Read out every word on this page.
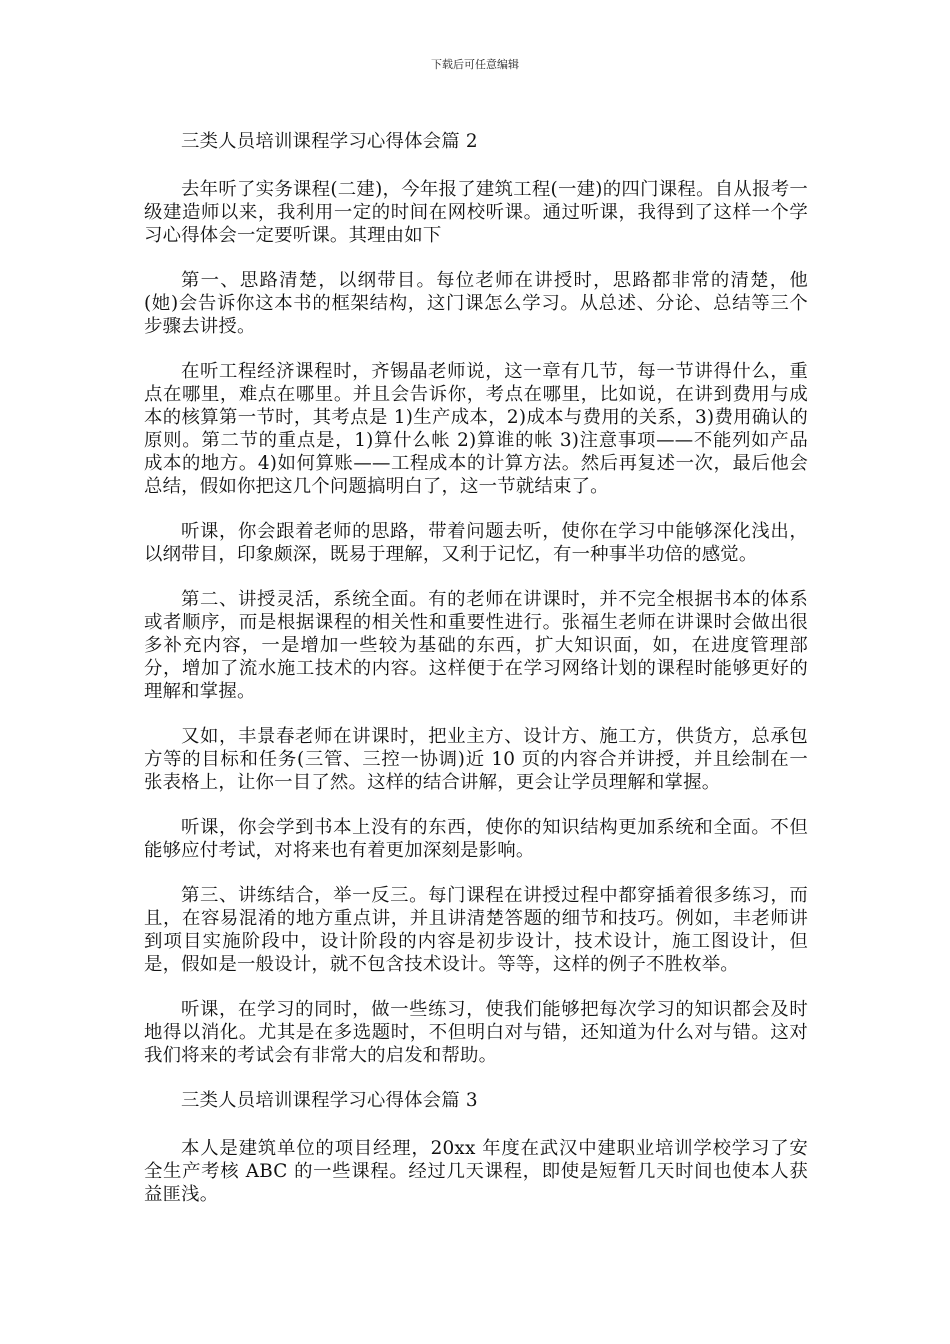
下载后可任意编辑

三类人员培训课程学习心得体会篇 2

去年听了实务课程(二建)，今年报了建筑工程(一建)的四门课程。自从报考一级建造师以来，我利用一定的时间在网校听课。通过听课，我得到了这样一个学习心得体会一定要听课。其理由如下

第一、思路清楚，以纲带目。每位老师在讲授时，思路都非常的清楚，他(她)会告诉你这本书的框架结构，这门课怎么学习。从总述、分论、总结等三个步骤去讲授。

在听工程经济课程时，齐锡晶老师说，这一章有几节，每一节讲得什么，重点在哪里，难点在哪里。并且会告诉你，考点在哪里，比如说，在讲到费用与成本的核算第一节时，其考点是 1)生产成本，2)成本与费用的关系，3)费用确认的原则。第二节的重点是，1)算什么帐 2)算谁的帐 3)注意事项——不能列如产品成本的地方。4)如何算账——工程成本的计算方法。然后再复述一次，最后他会总结，假如你把这几个问题搞明白了，这一节就结束了。

听课，你会跟着老师的思路，带着问题去听，使你在学习中能够深化浅出，以纲带目，印象颇深，既易于理解，又利于记忆，有一种事半功倍的感觉。

第二、讲授灵活，系统全面。有的老师在讲课时，并不完全根据书本的体系或者顺序，而是根据课程的相关性和重要性进行。张福生老师在讲课时会做出很多补充内容，一是增加一些较为基础的东西，扩大知识面，如，在进度管理部分，增加了流水施工技术的内容。这样便于在学习网络计划的课程时能够更好的理解和掌握。

又如，丰景春老师在讲课时，把业主方、设计方、施工方，供货方，总承包方等的目标和任务(三管、三控一协调)近 10 页的内容合并讲授，并且绘制在一张表格上，让你一目了然。这样的结合讲解，更会让学员理解和掌握。

听课，你会学到书本上没有的东西，使你的知识结构更加系统和全面。不但能够应付考试，对将来也有着更加深刻是影响。

第三、讲练结合，举一反三。每门课程在讲授过程中都穿插着很多练习，而且，在容易混淆的地方重点讲，并且讲清楚答题的细节和技巧。例如，丰老师讲到项目实施阶段中，设计阶段的内容是初步设计，技术设计，施工图设计，但是，假如是一般设计，就不包含技术设计。等等，这样的例子不胜枚举。

听课，在学习的同时，做一些练习，使我们能够把每次学习的知识都会及时地得以消化。尤其是在多选题时，不但明白对与错，还知道为什么对与错。这对我们将来的考试会有非常大的启发和帮助。

三类人员培训课程学习心得体会篇 3

本人是建筑单位的项目经理，20xx 年度在武汉中建职业培训学校学习了安全生产考核 ABC 的一些课程。经过几天课程，即使是短暂几天时间也使本人获益匪浅。
